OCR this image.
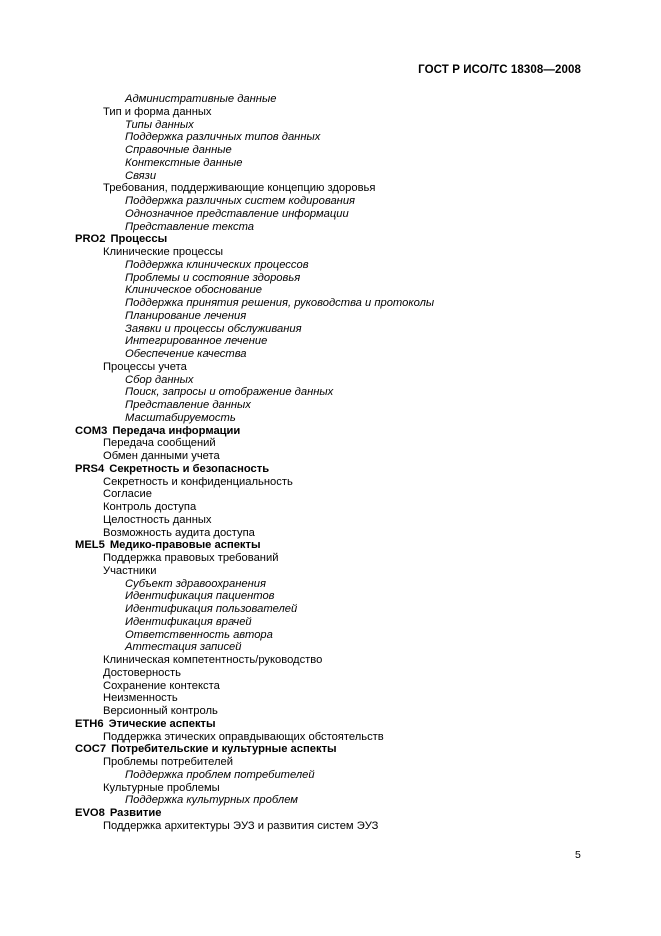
ГОСТ Р ИСО/ТС 18308—2008
Административные данные
Тип и форма данных
Типы данных
Поддержка различных типов данных
Справочные данные
Контекстные данные
Связи
Требования, поддерживающие концепцию здоровья
Поддержка различных систем кодирования
Однозначное представление информации
Представление текста
PRO2 Процессы
Клинические процессы
Поддержка клинических процессов
Проблемы и состояние здоровья
Клиническое обоснование
Поддержка принятия решения, руководства и протоколы
Планирование лечения
Заявки и процессы обслуживания
Интегрированное лечение
Обеспечение качества
Процессы учета
Сбор данных
Поиск, запросы и отображение данных
Представление данных
Масштабируемость
COM3 Передача информации
Передача сообщений
Обмен данными учета
PRS4 Секретность и безопасность
Секретность и конфиденциальность
Согласие
Контроль доступа
Целостность данных
Возможность аудита доступа
MEL5 Медико-правовые аспекты
Поддержка правовых требований
Участники
Субъект здравоохранения
Идентификация пациентов
Идентификация пользователей
Идентификация врачей
Ответственность автора
Аттестация записей
Клиническая компетентность/руководство
Достоверность
Сохранение контекста
Неизменность
Версионный контроль
ETH6 Этические аспекты
Поддержка этических оправдывающих обстоятельств
COC7 Потребительские и культурные аспекты
Проблемы потребителей
Поддержка проблем потребителей
Культурные проблемы
Поддержка культурных проблем
EVO8 Развитие
Поддержка архитектуры ЭУЗ и развития систем ЭУЗ
5
